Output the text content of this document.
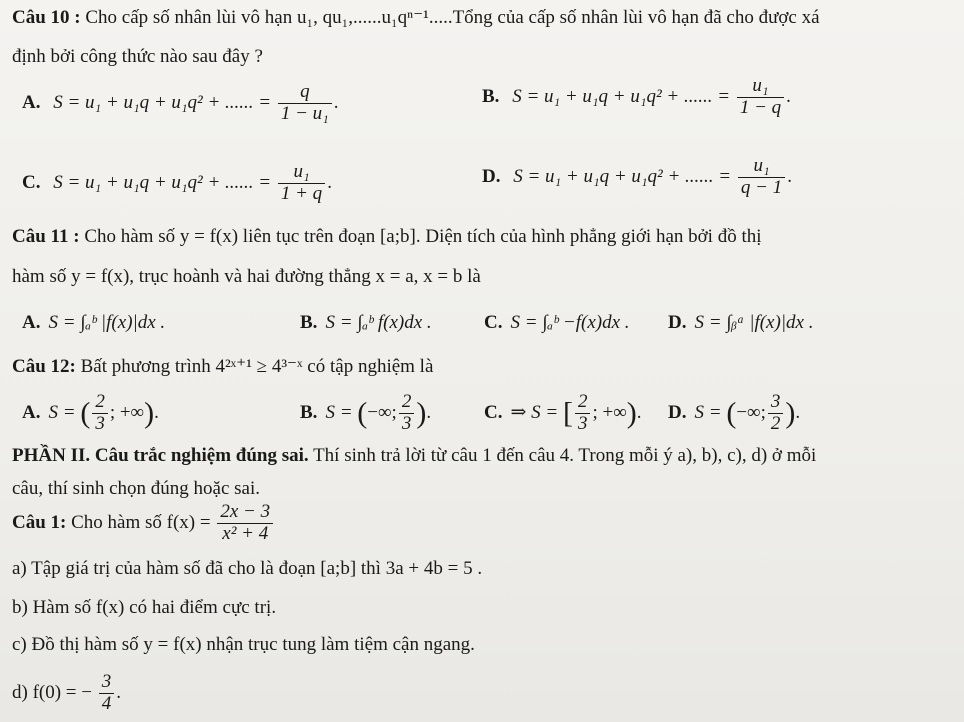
Câu 10 : Cho cấp số nhân lùi vô hạn u₁, qu₁,......u₁qⁿ⁻¹.....Tổng của cấp số nhân lùi vô hạn đã cho được xá
định bởi công thức nào sau đây ?
A. S = u₁ + u₁q + u₁q² + ...... = $\frac{q}{\text{1 − u₁}}$ .	B. S = u₁ + u₁q + u₁q² + ...... = $\frac{\text{u₁}}{1 - q}$ .
C. S = u₁ + u₁q + u₁q² + ...... = $\frac{\text{u₁}}{1 + q}$ .	D. S = u₁ + u₁q + u₁q² + ...... = $\frac{\text{u₁}}{q - 1}$ .
Câu 11 : Cho hàm số y = f(x) liên tục trên đoạn [a;b]. Diện tích của hình phẳng giới hạn bởi đồ thị
hàm số y = f(x), trục hoành và hai đường thẳng x = a, x = b là
A. S = ∫ₐᵇ |f(x)|dx .	B. S = ∫ₐᵇ f(x)dx .	C. S = ∫ₐᵇ −f(x)dx . D. S = ∫ᵦᵃ |f(x)|dx .
Câu 12: Bất phương trình 4²ˣ⁺¹ ≥ 4³⁻ˣ có tập nghiệm là
A. S = ( $\frac{2}{3}$ ; +∞).	B. S = (−∞; $\frac{2}{3}$ ).	C. ⇒ S = [ $\frac{2}{3}$ ; +∞). D. S = (−∞; $\frac{3}{2}$ ).
PHẦN II. Câu trắc nghiệm đúng sai. Thí sinh trả lời từ câu 1 đến câu 4. Trong mỗi ý a), b), c), d) ở mỗi
câu, thí sinh chọn đúng hoặc sai.
Câu 1: Cho hàm số $f(x) = \frac{2x - 3}{\text{x² + 4}}$
a) Tập giá trị của hàm số đã cho là đoạn [a;b] thì 3a + 4b = 5 .
b) Hàm số f(x) có hai điểm cực trị.
c) Đồ thị hàm số y = f(x) nhận trục tung làm tiệm cận ngang.
d) f(0) = − $\frac{3}{4}$ .
